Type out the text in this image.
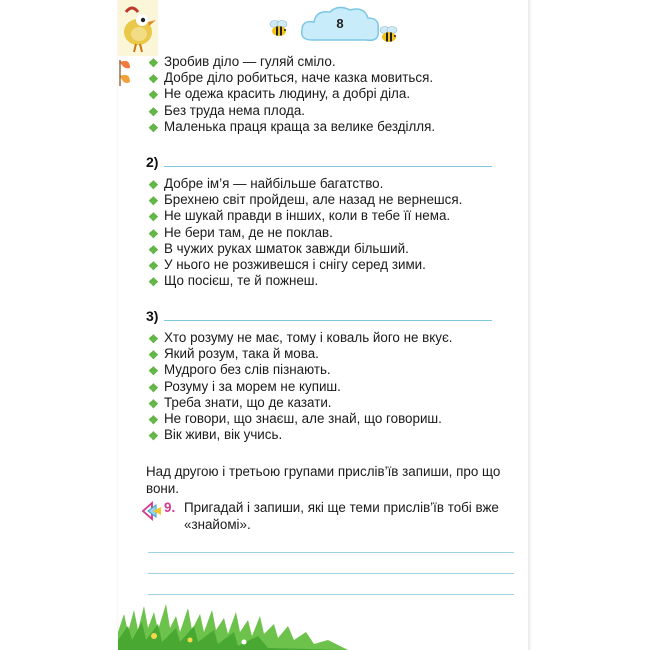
8
❖ Зробив діло — гуляй сміло.
❖ Добре діло робиться, наче казка мовиться.
❖ Не одежа красить людину, а добрі діла.
❖ Без труда нема плода.
❖ Маленька праця краща за велике безділля.
2)
❖ Добре ім’я — найбільше багатство.
❖ Брехнею світ пройдеш, але назад не вернешся.
❖ Не шукай правди в інших, коли в тебе її нема.
❖ Не бери там, де не поклав.
❖ В чужих руках шматок завжди більший.
❖ У нього не розживешся і снігу серед зими.
❖ Що посієш, те й пожнеш.
3)
❖ Хто розуму не має, тому і коваль його не вкує.
❖ Який розум, така й мова.
❖ Мудрого без слів пізнають.
❖ Розуму і за морем не купиш.
❖ Треба знати, що де казати.
❖ Не говори, що знаєш, але знай, що говориш.
❖ Вік живи, вік учись.
Над другою і третьою групами прислів’їв запиши, про що вони.
9. Пригадай і запиши, які ще теми прислів’їв тобі вже «знайомі».
